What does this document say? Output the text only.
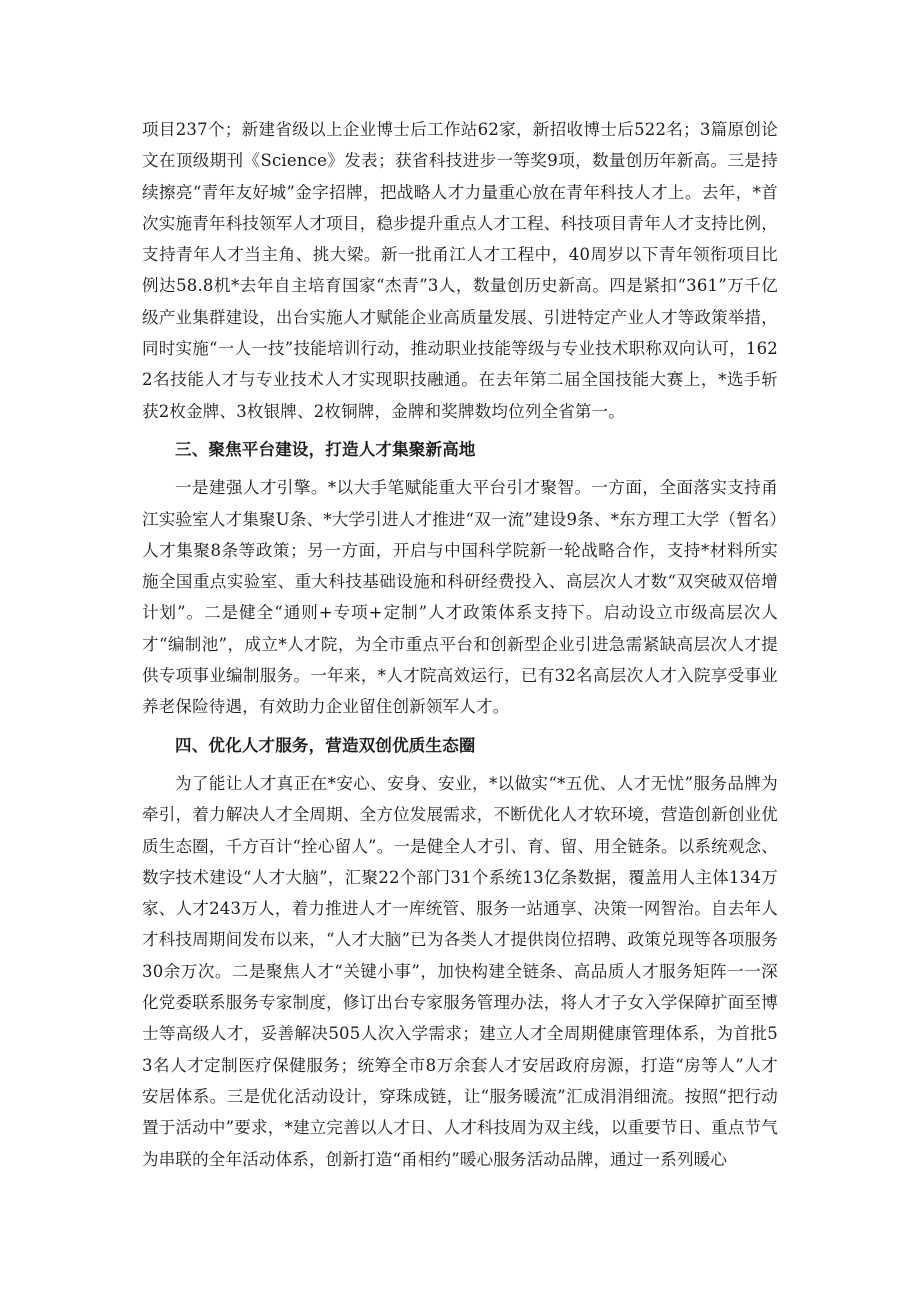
项目237个；新建省级以上企业博士后工作站62家，新招收博士后522名；3篇原创论文在顶级期刊《Science》发表；获省科技进步一等奖9项，数量创历年新高。三是持续擦亮“青年友好城”金字招牌，把战略人才力量重心放在青年科技人才上。去年，*首次实施青年科技领军人才项目，稳步提升重点人才工程、科技项目青年人才支持比例，支持青年人才当主角、挑大梁。新一批甬江人才工程中，40周岁以下青年领衔项目比例达58.8机*去年自主培育国家“杰青”3人，数量创历史新高。四是紧扣“361”万千亿级产业集群建设，出台实施人才赋能企业高质量发展、引进特定产业人才等政策举措，同时实施“一人一技”技能培训行动，推动职业技能等级与专业技术职称双向认可，1622名技能人才与专业技术人才实现职技融通。在去年第二届全国技能大赛上，*选手斩获2枚金牌、3枚银牌、2枚铜牌，金牌和奖牌数均位列全省第一。

三、聚焦平台建设，打造人才集聚新高地

一是建强人才引擎。*以大手笔赋能重大平台引才聚智。一方面，全面落实支持甬江实验室人才集聚U条、*大学引进人才推进“双一流”建设9条、*东方理工大学（暂名）人才集聚8条等政策；另一方面，开启与中国科学院新一轮战略合作，支持*材料所实施全国重点实验室、重大科技基础设施和科研经费投入、高层次人才数“双突破双倍增计划”。二是健全“通则+专项+定制”人才政策体系支持下。启动设立市级高层次人才“编制池”，成立*人才院，为全市重点平台和创新型企业引进急需紧缺高层次人才提供专项事业编制服务。一年来，*人才院高效运行，已有32名高层次人才入院享受事业养老保险待遇，有效助力企业留住创新领军人才。

四、优化人才服务，营造双创优质生态圈

为了能让人才真正在*安心、安身、安业，*以做实“*五优、人才无忧”服务品牌为牵引，着力解决人才全周期、全方位发展需求，不断优化人才软环境，营造创新创业优质生态圈，千方百计“拴心留人”。一是健全人才引、育、留、用全链条。以系统观念、数字技术建设“人才大脑”，汇聚22个部门31个系统13亿条数据，覆盖用人主体134万家、人才243万人，着力推进人才一库统管、服务一站通享、决策一网智治。自去年人才科技周期间发布以来，“人才大脑”已为各类人才提供岗位招聘、政策兑现等各项服务30余万次。二是聚焦人才“关键小事”，加快构建全链条、高品质人才服务矩阵一一深化党委联系服务专家制度，修订出台专家服务管理办法，将人才子女入学保障扩面至博士等高级人才，妥善解决505人次入学需求；建立人才全周期健康管理体系，为首批53名人才定制医疗保健服务；统筹全市8万余套人才安居政府房源，打造“房等人”人才安居体系。三是优化活动设计，穿珠成链，让“服务暖流”汇成涓涓细流。按照“把行动置于活动中”要求，*建立完善以人才日、人才科技周为双主线，以重要节日、重点节气为串联的全年活动体系，创新打造“甬相约”暖心服务活动品牌，通过一系列暖心
